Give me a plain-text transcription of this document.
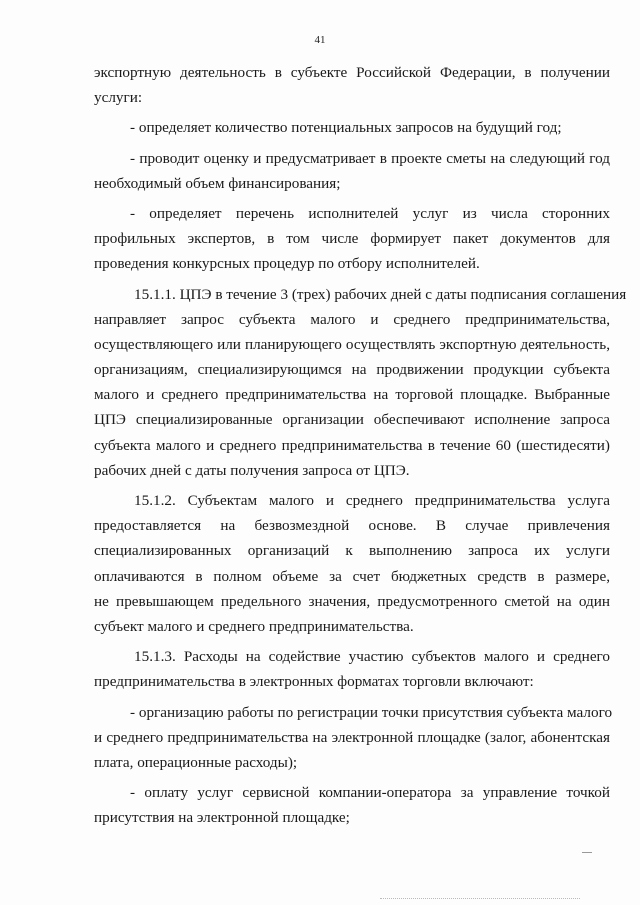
41
экспортную деятельность в субъекте Российской Федерации, в получении
услуги:
- определяет количество потенциальных запросов на будущий год;
- проводит оценку и предусматривает в проекте сметы на следующий год
необходимый объем финансирования;
- определяет перечень исполнителей услуг из числа сторонних
профильных экспертов, в том числе формирует пакет документов для
проведения конкурсных процедур по отбору исполнителей.
15.1.1. ЦПЭ в течение 3 (трех) рабочих дней с даты подписания соглашения
направляет запрос субъекта малого и среднего предпринимательства,
осуществляющего или планирующего осуществлять экспортную деятельность,
организациям, специализирующимся на продвижении продукции субъекта
малого и среднего предпринимательства на торговой площадке. Выбранные
ЦПЭ специализированные организации обеспечивают исполнение запроса
субъекта малого и среднего предпринимательства в течение 60 (шестидесяти)
рабочих дней с даты получения запроса от ЦПЭ.
15.1.2. Субъектам малого и среднего предпринимательства услуга
предоставляется на безвозмездной основе. В случае привлечения
специализированных организаций к выполнению запроса их услуги
оплачиваются в полном объеме за счет бюджетных средств в размере,
не превышающем предельного значения, предусмотренного сметой на один
субъект малого и среднего предпринимательства.
15.1.3. Расходы на содействие участию субъектов малого и среднего
предпринимательства в электронных форматах торговли включают:
- организацию работы по регистрации точки присутствия субъекта малого
и среднего предпринимательства на электронной площадке (залог, абонентская
плата, операционные расходы);
- оплату услуг сервисной компании-оператора за управление точкой
присутствия на электронной площадке;
